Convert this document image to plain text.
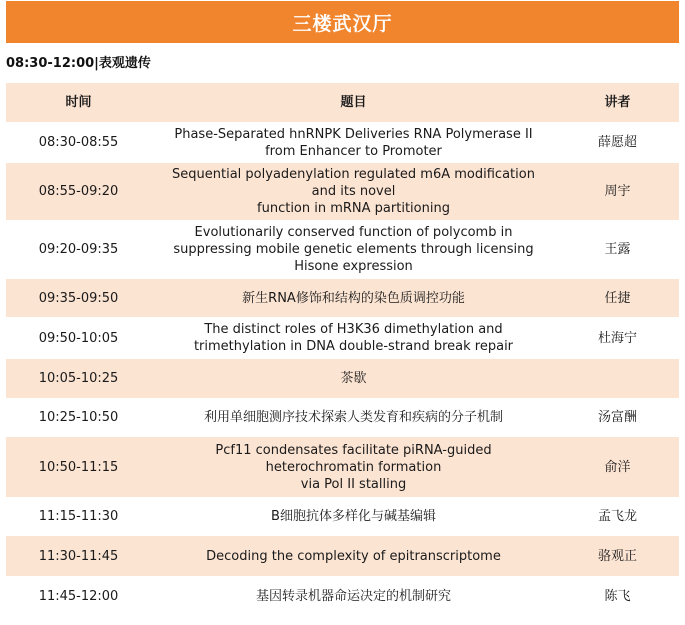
三楼武汉厅
08:30-12:00|表观遗传
时间	题目	讲者
08:30-08:55	Phase-Separated hnRNPK Deliveries RNA Polymerase II
from Enhancer to Promoter	薛愿超
08:55-09:20	Sequential polyadenylation regulated m6A modification
and its novel
function in mRNA partitioning	周宇
09:20-09:35	Evolutionarily conserved function of polycomb in
suppressing mobile genetic elements through licensing
Hisone expression	王露
09:35-09:50	新生RNA修饰和结构的染色质调控功能	任捷
09:50-10:05	The distinct roles of H3K36 dimethylation and
trimethylation in DNA double-strand break repair	杜海宁
10:05-10:25	茶歇	
10:25-10:50	利用单细胞测序技术探索人类发育和疾病的分子机制	汤富酬
10:50-11:15	Pcf11 condensates facilitate piRNA-guided
heterochromatin formation
via Pol II stalling	俞洋
11:15-11:30	B细胞抗体多样化与碱基编辑	孟飞龙
11:30-11:45	Decoding the complexity of epitranscriptome	骆观正
11:45-12:00	基因转录机器命运决定的机制研究	陈飞
